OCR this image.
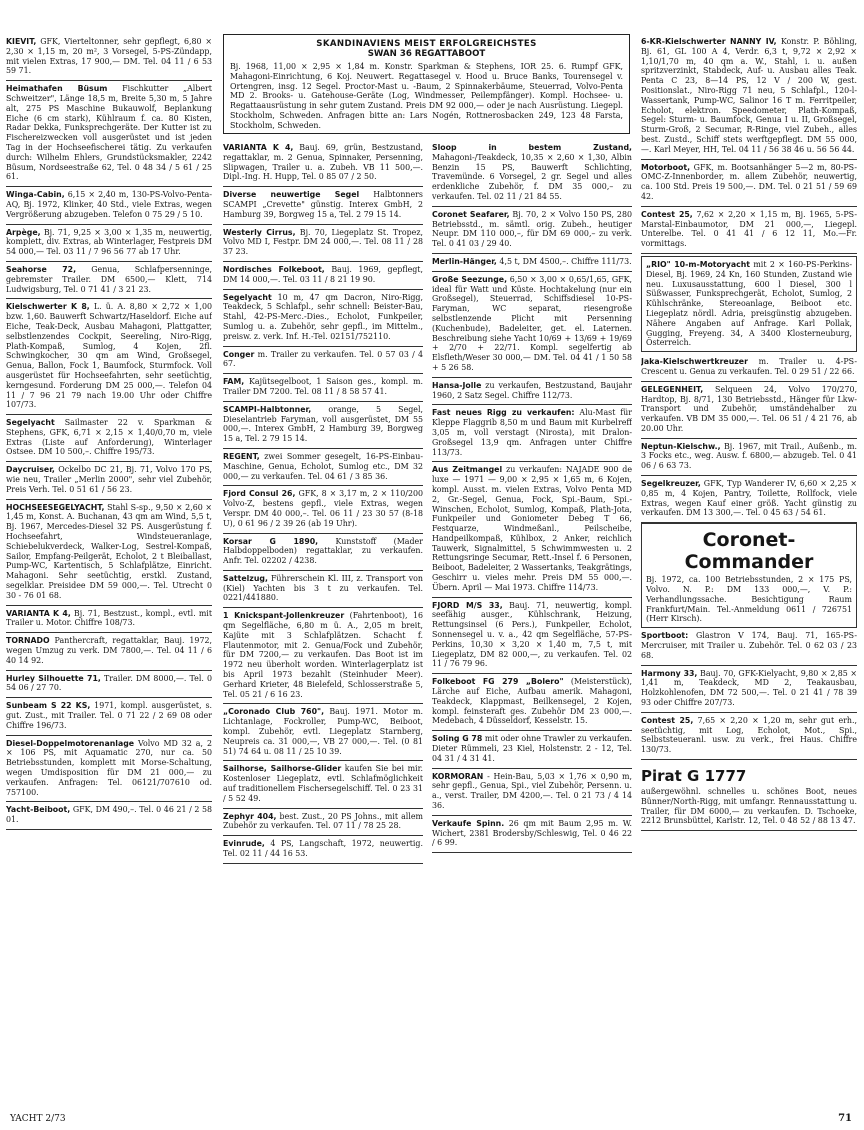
SKANDINAVIENS MEIST ERFOLGREICHSTES
SWAN 36 REGATTABOOT

Bj. 1968, 11,00 × 2,95 × 1,84 m. Konstr. Sparkman & Stephens, IOR 25. 6. Rumpf GFK, Mahagoni-Einrichtung, 6 Koj. Neuwert. Regattasegel v. Hood u. Bruce Banks, Tourensegel v. Ortengren, insg. 12 Segel. Proctor-Mast u. -Baum, 2 Spinnakerbäume, Steuerrad, Volvo-Penta MD 2. Brooks- u. Gatehouse-Geräte (Log, Windmesser, Peilempfänger). Kompl. Hochsee- u. Regattaausrüstung in sehr gutem Zustand. Preis DM 92 000,— oder je nach Ausrüstung. Liegepl. Stockholm, Schweden. Anfragen bitte an: Lars Nogén, Rottnerosbacken 249, 123 48 Farsta, Stockholm, Schweden.

KIEVIT, GFK, Vierteltonner, sehr gepflegt, 6,80 × 2,30 × 1,15 m, 20 m², 3 Vorsegel, 5-PS-Zündapp, mit vielen Extras, 17 900,— DM. Tel. 04 11 / 6 53 59 71.

Heimathafen Büsum Fischkutter „Albert Schweitzer", Länge 18,5 m, Breite 5,30 m, 5 Jahre alt, 275 PS Maschine Bukauwolf, Beplankung Eiche (6 cm stark), Kühlraum f. ca. 80 Kisten, Radar Dekka, Funksprechgeräte. Der Kutter ist zu Fischereizwecken voll ausgerüstet und ist jeden Tag in der Hochseefischerei tätig. Zu verkaufen durch: Wilhelm Ehlers, Grundstücksmakler, 2242 Büsum, Nordseestraße 62, Tel. 0 48 34 / 5 61 / 25 61.

Winga-Cabin, 6,15 × 2,40 m, 130-PS-Volvo-Penta-AQ, Bj. 1972, Klinker, 40 Std., viele Extras, wegen Vergrößerung abzugeben. Telefon 0 75 29 / 5 10.

Arpège, Bj. 71, 9,25 × 3,00 × 1,35 m, neuwertig, komplett, div. Extras, ab Winterlager, Festpreis DM 54 000,— Tel. 03 11 / 7 96 56 77 ab 17 Uhr.

Seahorse 72, Genua, Schlafpersenninge, gebremster Trailer. DM 6500,— Klett, 714 Ludwigsburg, Tel. 0 71 41 / 3 21 23.

Kielschwerter K 8, L. ü. A. 8,80 × 2,72 × 1,00 bzw. 1,60. Bauwerft Schwartz/Haseldorf. Eiche auf Eiche, Teak-Deck, Ausbau Mahagoni, Plattgatter, selbstlenzendes Cockpit, Seereling, Niro-Rigg, Plath-Kompaß, Sumlog, 4 Kojen, 2fl. Schwingkocher, 30 qm am Wind, Großsegel, Genua, Ballon, Fock 1, Baumfock, Sturmfock. Voll ausgerüstet für Hochseefahrten, sehr seetüchtig, kerngesund. Forderung DM 25 000,—. Telefon 04 11 / 7 96 21 79 nach 19.00 Uhr oder Chiffre 107/73.

Segelyacht Sailmaster 22 v. Sparkman & Stephens, GFK, 6,71 × 2,15 × 1,40/0,70 m, viele Extras (Liste auf Anforderung), Winterlager Ostsee. DM 10 500,–. Chiffre 195/73.

Daycruiser, Ockelbo DC 21, Bj. 71, Volvo 170 PS, wie neu, Trailer „Merlin 2000", sehr viel Zubehör, Preis Verh. Tel. 0 51 61 / 56 23.

HOCHSEESEGELYACHT, Stahl S-sp., 9,50 × 2,60 × 1,45 m, Konst. A. Buchanan, 43 qm am Wind, 5,5 t, Bj. 1967, Mercedes-Diesel 32 PS. Ausgerüstung f. Hochseefahrt, Windsteueranlage, Schiebelukverdeck, Walker-Log, Sestrel-Kompaß, Sailor, Empfang-Peilgerät, Echolot, 2 t Bleiballast, Pump-WC, Kartentisch, 5 Schlafplätze, Einricht. Mahagoni. Sehr seetüchtig, erstkl. Zustand, segelklar. Preisidee DM 59 000,—. Tel. Utrecht 0 30 - 76 01 68.

VARIANTA K 4, Bj. 71, Bestzust., kompl., evtl. mit Trailer u. Motor. Chiffre 108/73.

TORNADO Panthercraft, regattaklar, Bauj. 1972, wegen Umzug zu verk. DM 7800,—. Tel. 04 11 / 6 40 14 92.

Hurley Silhouette 71, Trailer. DM 8000,—. Tel. 0 54 06 / 27 70.

Sunbeam S 22 KS, 1971, kompl. ausgerüstet, s. gut. Zust., mit Trailer. Tel. 0 71 22 / 2 69 08 oder Chiffre 196/73.

Diesel-Doppelmotorenanlage Volvo MD 32 a, 2 × 106 PS, mit Aquamatic 270, nur ca. 50 Betriebsstunden, komplett mit Morse-Schaltung, wegen Umdisposition für DM 21 000,— zu verkaufen. Anfragen: Tel. 06121/707610 od. 757100.

Yacht-Beiboot, GFK, DM 490,–. Tel. 0 46 21 / 2 58 01.

VARIANTA K 4, Bauj. 69, grün, Bestzustand, regattaklar, m. 2 Genua, Spinnaker, Persenning, Slipwagen, Trailer u. a. Zubeh. VB 11 500,—. Dipl.-Ing. H. Hupp, Tel. 0 85 07 / 2 50.

Diverse neuwertige Segel Halbtonners SCAMPI „Crevette" günstig. Interex GmbH, 2 Hamburg 39, Borgweg 15 a, Tel. 2 79 15 14.

Westerly Cirrus, Bj. 70, Liegeplatz St. Tropez, Volvo MD I, Festpr. DM 24 000,—. Tel. 08 11 / 28 37 23.

Nordisches Folkeboot, Bauj. 1969, gepflegt, DM 14 000,—. Tel. 03 11 / 8 21 19 90.

Segelyacht 10 m, 47 qm Dacron, Niro-Rigg, Teakdeck, 5 Schlafpl., sehr schnell: Beister-Bau, Stahl, 42-PS-Merc.-Dies., Echolot, Funkpeiler, Sumlog u. a. Zubehör, sehr gepfl., im Mittelm., preisw. z. verk. Inf. H.-Tel. 02151/752110.

Conger m. Trailer zu verkaufen. Tel. 0 57 03 / 4 67.

FAM, Kajütsegelboot, 1 Saison ges., kompl. m. Trailer DM 7200. Tel. 08 11 / 8 58 57 41.

SCAMPI-Halbtonner, orange, 5 Segel, Dieselantrieb Faryman, voll ausgerüstet, DM 55 000,—. Interex GmbH, 2 Hamburg 39, Borgweg 15 a, Tel. 2 79 15 14.

REGENT, zwei Sommer gesegelt, 16-PS-Einbau-Maschine, Genua, Echolot, Sumlog etc., DM 32 000,— zu verkaufen. Tel. 04 61 / 3 85 36.

Fjord Consul 26, GFK, 8 × 3,17 m, 2 × 110/200 Volvo-Z, bestens gepfl., viele Extras, wegen Verspr. DM 40 000,–. Tel. 06 11 / 23 30 57 (8-18 U), 0 61 96 / 2 39 26 (ab 19 Uhr).

Korsar G 1890, Kunststoff (Mader Halbdoppelboden) regattaklar, zu verkaufen. Anfr. Tel. 02202 / 4238.

Sattelzug, Führerschein Kl. III, z. Transport von (Kiel) Yachten bis 3 t zu verkaufen. Tel. 0221/441880.

1 Knickspant-Jollenkreuzer (Fahrtenboot), 16 qm Segelfläche, 6,80 m ü. A., 2,05 m breit, Kajüte mit 3 Schlafplätzen. Schacht f. Flautenmotor, mit 2. Genua/Fock und Zubehör, für DM 7200,— zu verkaufen. Das Boot ist im 1972 neu überholt worden. Winterlagerplatz ist bis April 1973 bezahlt (Steinhuder Meer). Gerhard Krieter, 48 Bielefeld, Schlosserstraße 5, Tel. 05 21 / 6 16 23.

„Coronado Club 760", Bauj. 1971. Motor m. Lichtanlage, Fockroller, Pump-WC, Beiboot, kompl. Zubehör, evtl. Liegeplatz Starnberg, Neupreis ca. 31 000,—, VB 27 000,—. Tel. (0 81 51) 74 64 u. 08 11 / 25 10 39.

Sailhorse, Sailhorse-Glider kaufen Sie bei mir. Kostenloser Liegeplatz, evtl. Schlafmöglichkeit auf traditionellem Fischersegelschiff. Tel. 0 23 31 / 5 52 49.

Zephyr 404, best. Zust., 20 PS Johns., mit allem Zubehör zu verkaufen. Tel. 07 11 / 78 25 28.

Evinrude, 4 PS, Langschaft, 1972, neuwertig. Tel. 02 11 / 44 16 53.

Sloop in bestem Zustand, Mahagoni-/Teakdeck, 10,35 × 2,60 × 1,30, Albin Benzin 15 PS, Bauwerft Schlichting, Travemünde. 6 Vorsegel, 2 gr. Segel und alles erdenkliche Zubehör, f. DM 35 000,– zu verkaufen. Tel. 02 11 / 21 84 55.

Coronet Seafarer, Bj. 70, 2 × Volvo 150 PS, 280 Betriebsstd., m. sämtl. orig. Zubeh., heutiger Neupr. DM 110 000,–, für DM 69 000,– zu verk. Tel. 0 41 03 / 29 40.

Merlin-Hänger, 4,5 t, DM 4500,–. Chiffre 111/73.

Große Seezunge, 6,50 × 3,00 × 0,65/1,65, GFK, ideal für Watt und Küste. Hochtakelung (nur ein Großsegel), Steuerrad, Schiffsdiesel 10-PS-Faryman, WC separat, riesengroße selbstlenzende Plicht mit Persenning (Kuchenbude), Badeleiter, get. el. Laternen. Beschreibung siehe Yacht 10/69 + 13/69 + 19/69 + 2/70 + 22/71. Kompl. segelfertig ab Elsfleth/Weser 30 000,— DM. Tel. 04 41 / 1 50 58 + 5 26 58.

Hansa-Jolle zu verkaufen, Bestzustand, Baujahr 1960, 2 Satz Segel. Chiffre 112/73.

Fast neues Rigg zu verkaufen: Alu-Mast für Kleppe Flaggrib 8,50 m und Baum mit Kurbelreff 3,05 m, voll verstagt (Nirosta), mit Dralon-Großsegel 13,9 qm. Anfragen unter Chiffre 113/73.

Aus Zeitmangel zu verkaufen: NAJADE 900 de luxe — 1971 — 9,00 × 2,95 × 1,65 m, 6 Kojen, kompl. Ausst. m. vielen Extras, Volvo Penta MD 2, Gr.-Segel, Genua, Fock, Spi.-Baum, Spi.-Winschen, Echolot, Sumlog, Kompaß, Plath-Jota, Funkpeiler und Goniometer Debeg T 66, Festquarze, Windmeßanl., Peilscheibe, Handpeilkompaß, Kühlbox, 2 Anker, reichlich Tauwerk, Signalmittel, 5 Schwimmwesten u. 2 Rettungsringe Secumar, Rett.-Insel f. 6 Personen, Beiboot, Badeleiter, 2 Wassertanks, Teakgrätings, Geschirr u. vieles mehr. Preis DM 55 000,—. Übern. April — Mai 1973. Chiffre 114/73.

FJORD M/S 33, Bauj. 71, neuwertig, kompl. seefähig ausger., Kühlschrank, Heizung, Rettungsinsel (6 Pers.), Funkpeiler, Echolot, Sonnensegel u. v. a., 42 qm Segelfläche, 57-PS-Perkins, 10,30 × 3,20 × 1,40 m, 7,5 t, mit Liegeplatz, DM 82 000,—, zu verkaufen. Tel. 02 11 / 76 79 96.

Folkeboot FG 279 „Bolero" (Meisterstück), Lärche auf Eiche, Aufbau amerik. Mahagoni, Teakdeck, Klappmast, Beilkensegel, 2 Kojen, kompl. feinsteraft ges. Zubehör DM 23 000,—. Medebach, 4 Düsseldorf, Kesselstr. 15.

Soling G 78 mit oder ohne Trawler zu verkaufen. Dieter Rümmeli, 23 Kiel, Holstenstr. 2 - 12, Tel. 04 31 / 4 31 41.

KORMORAN - Hein-Bau, 5,03 × 1,76 × 0,90 m, sehr gepfl., Genua, Spi., viel Zubehör, Persenn. u. a., verst. Trailer, DM 4200,—. Tel. 0 21 73 / 4 14 36.

Verkaufe Spinn. 26 qm mit Baum 2,95 m. W. Wichert, 2381 Brodersby/Schleswig, Tel. 0 46 22 / 6 99.

6-KR-Kielschwerter NANNY IV, Konstr. P. Böhling, Bj. 61, GL 100 A 4, Verdr. 6,3 t, 9,72 × 2,92 × 1,10/1,70 m, 40 qm a. W., Stahl, i. u. außen spritzverzinkt, Stabdeck, Auf- u. Ausbau alles Teak. Penta C 23, 8—14 PS, 12 V / 200 W, gest. Positionslat., Niro-Rigg 71 neu, 5 Schlafpl., 120-l-Wassertank, Pump-WC, Salinor 16 T m. Ferritpeiler, Echolot, elektron. Speedometer, Plath-Kompaß, Segel: Sturm- u. Baumfock, Genua I u. II, Großsegel, Sturm-Groß, 2 Secumar, R-Ringe, viel Zubeh., alles best. Zustd., Schiff stets werftgepflegt. DM 55 000,—. Karl Meyer, HH, Tel. 04 11 / 56 38 46 u. 56 56 44.

Motorboot, GFK, m. Bootsanhänger 5—2 m, 80-PS-OMC-Z-Innenborder, m. allem Zubehör, neuwertig, ca. 100 Std. Preis 19 500,—. DM. Tel. 0 21 51 / 59 69 42.

Contest 25, 7,62 × 2,20 × 1,15 m, Bj. 1965, 5-PS-Marstal-Einbaumotor, DM 21 000,—, Liegepl. Unterelbe. Tel. 0 41 41 / 6 12 11, Mo.—Fr. vormittags.

„RIO" 10-m-Motoryacht mit 2 × 160-PS-Perkins-Diesel, Bj. 1969, 24 Kn, 160 Stunden, Zustand wie neu. Luxusausstattung, 600 l Diesel, 300 l Süßwasser, Funksprechgerät, Echolot, Sumlog, 2 Kühlschränke, Stereoanlage, Beiboot etc. Liegeplatz nördl. Adria, preisgünstig abzugeben. Nähere Angaben auf Anfrage. Karl Pollak, Gugging, Freyeng. 34, A 3400 Klosterneuburg, Österreich.

Jaka-Kielschwertkreuzer m. Trailer u. 4-PS-Crescent u. Genua zu verkaufen. Tel. 0 29 51 / 22 66.

GELEGENHEIT, Selqueen 24, Volvo 170/270, Hardtop, Bj. 8/71, 130 Betriebsstd., Hänger für Lkw-Transport und Zubehör, umständehalber zu verkaufen. VB DM 35 000,—. Tel. 06 51 / 4 21 76, ab 20.00 Uhr.

Neptun-Kielschw., Bj. 1967, mit Trail., Außenb., m. 3 Focks etc., weg. Ausw. f. 6800,— abzugeb. Tel. 0 41 06 / 6 63 73.

Segelkreuzer, GFK, Typ Wanderer IV, 6,60 × 2,25 × 0,85 m, 4 Kojen, Pantry, Toilette, Rollfock, viele Extras, wegen Kauf einer größ. Yacht günstig zu verkaufen. DM 13 300,—. Tel. 0 45 63 / 54 61.

Coronet-Commander
Bj. 1972, ca. 100 Betriebsstunden, 2 × 175 PS, Volvo. N. P.: DM 133 000,—, V. P.: Verhandlungssache. Besichtigung Raum Frankfurt/Main. Tel.-Anmeldung 0611 / 726751 (Herr Kirsch).

Sportboot: Glastron V 174, Bauj. 71, 165-PS-Mercruiser, mit Trailer u. Zubehör. Tel. 0 62 03 / 23 68.

Harmony 33, Bauj. 70, GFK-Kielyacht, 9,80 × 2,85 × 1,41 m, Teakdeck, MD 2, Teakausbau, Holzkohlenofen, DM 72 500,—. Tel. 0 21 41 / 78 39 93 oder Chiffre 207/73.

Contest 25, 7,65 × 2,20 × 1,20 m, sehr gut erh., seetüchtig, mit Log, Echolot, Mot., Spi., Selbststeueranl. usw. zu verk., frei Haus. Chiffre 130/73.

Pirat G 1777
außergewöhnl. schnelles u. schönes Boot, neues Bünner/North-Rigg, mit umfangr. Rennausstattung u. Trailer, für DM 6000,— zu verkaufen. D. Tschoeke, 2212 Brunsbüttel, Karlstr. 12, Tel. 0 48 52 / 88 13 47.

YACHT 2/73	71
